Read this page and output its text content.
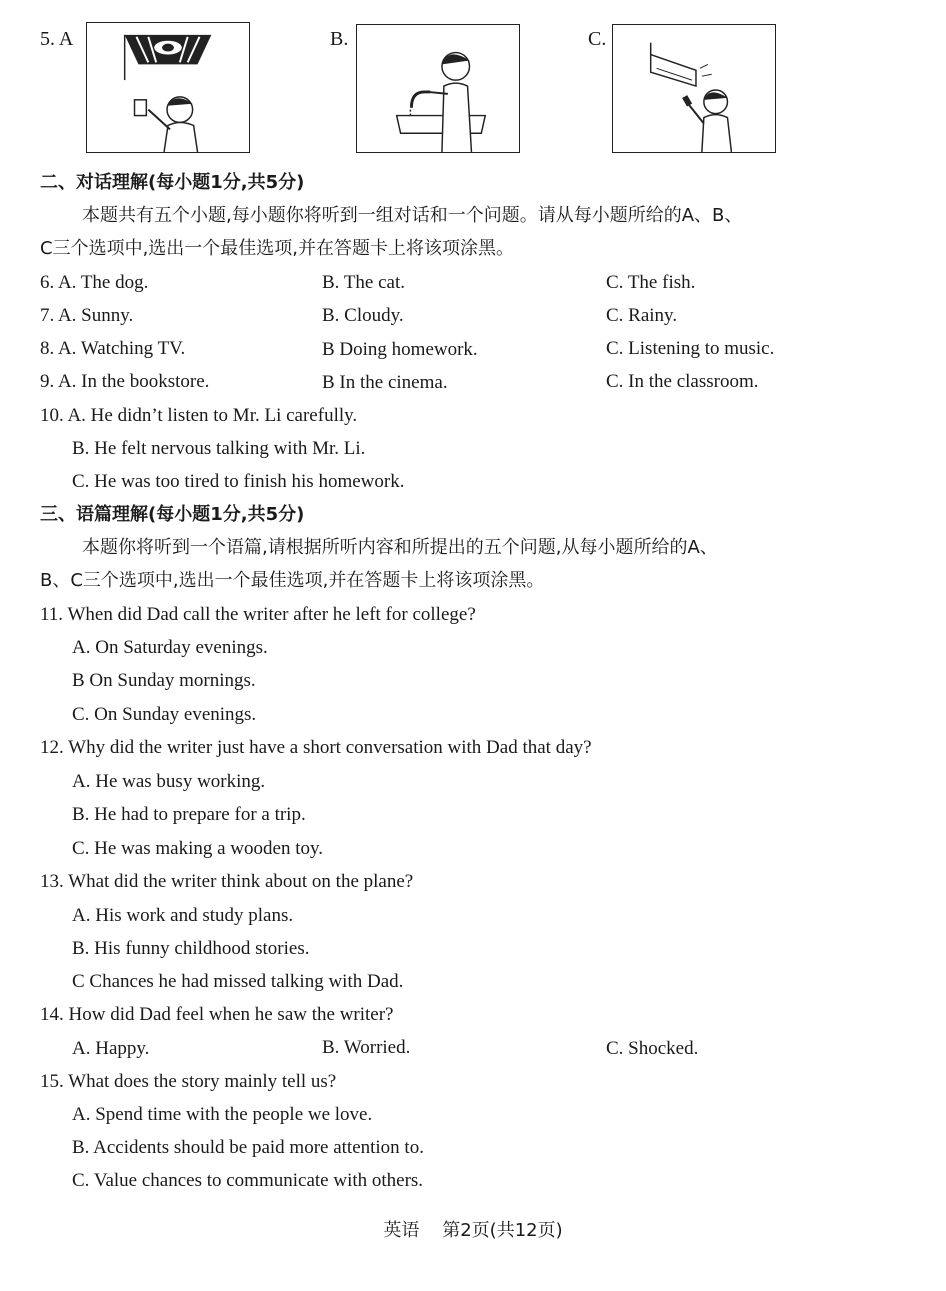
5. A	B.	C.
二、对话理解(每小题1分,共5分)
本题共有五个小题,每小题你将听到一组对话和一个问题。请从每小题所给的A、B、
C三个选项中,选出一个最佳选项,并在答题卡上将该项涂黑。
6. A. The dog.	B. The cat.	C. The fish.
7. A. Sunny.	B. Cloudy.	C. Rainy.
8. A. Watching TV.	B Doing homework.	C. Listening to music.
9. A. In the bookstore.	B In the cinema.	C. In the classroom.
10. A. He didn’t listen to Mr. Li carefully.
B. He felt nervous talking with Mr. Li.
C. He was too tired to finish his homework.
三、语篇理解(每小题1分,共5分)
本题你将听到一个语篇,请根据所听内容和所提出的五个问题,从每小题所给的A、
B、C三个选项中,选出一个最佳选项,并在答题卡上将该项涂黑。
11. When did Dad call the writer after he left for college?
A. On Saturday evenings.
B On Sunday mornings.
C. On Sunday evenings.
12. Why did the writer just have a short conversation with Dad that day?
A. He was busy working.
B. He had to prepare for a trip.
C. He was making a wooden toy.
13. What did the writer think about on the plane?
A. His work and study plans.
B. His funny childhood stories.
C Chances he had missed talking with Dad.
14. How did Dad feel when he saw the writer?
A. Happy.	B. Worried.	C. Shocked.
15. What does the story mainly tell us?
A. Spend time with the people we love.
B. Accidents should be paid more attention to.
C. Value chances to communicate with others.
英语    第2页(共12页)
